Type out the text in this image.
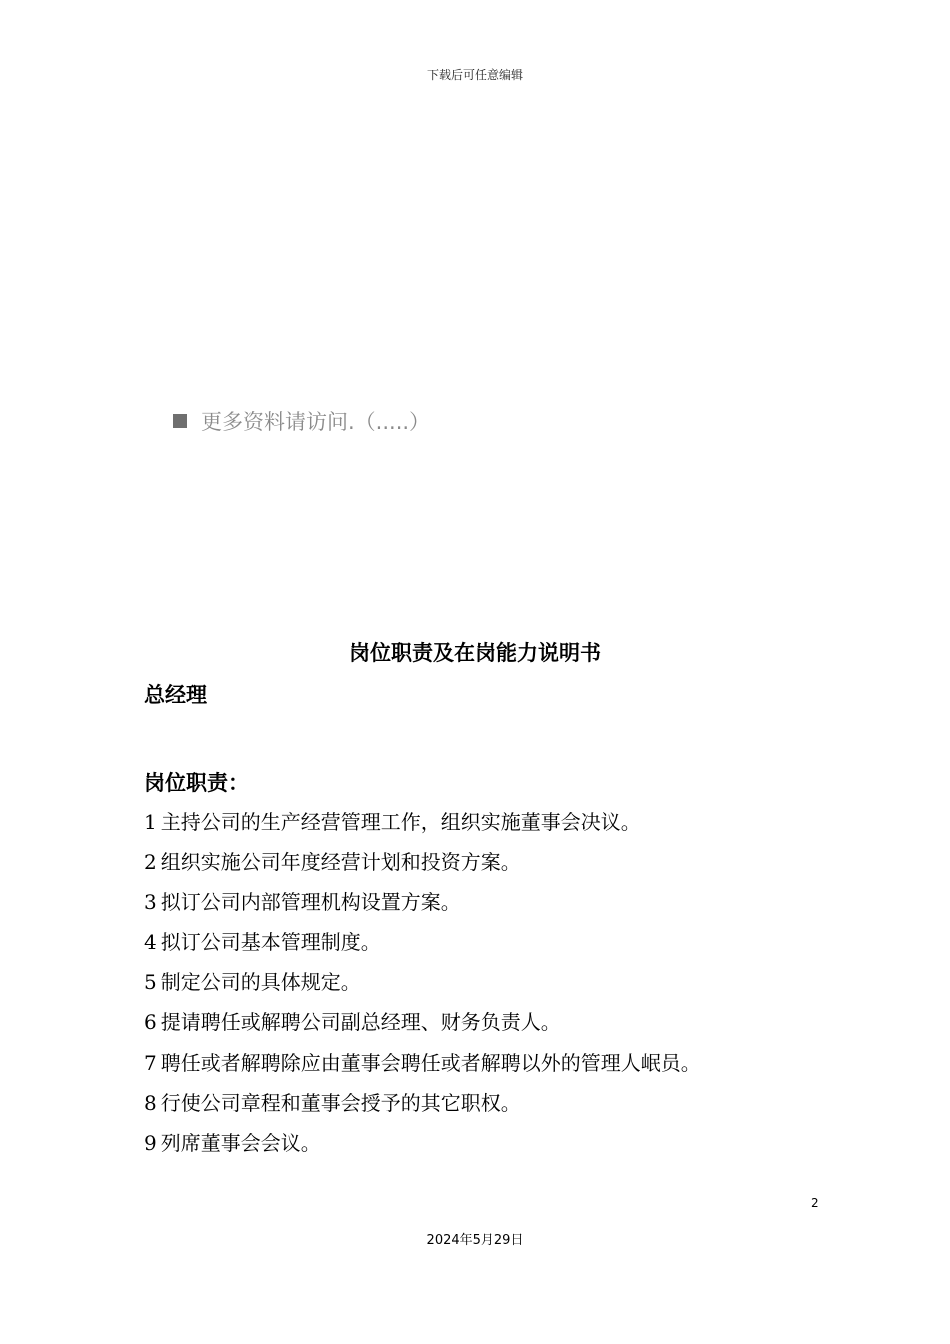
下载后可任意编辑
更多资料请访问.（.....）
岗位职责及在岗能力说明书
总经理
岗位职责：
1 主持公司的生产经营管理工作，组织实施董事会决议。
2 组织实施公司年度经营计划和投资方案。
3 拟订公司内部管理机构设置方案。
4 拟订公司基本管理制度。
5 制定公司的具体规定。
6 提请聘任或解聘公司副总经理、财务负责人。
7 聘任或者解聘除应由董事会聘任或者解聘以外的管理人岷员。
8 行使公司章程和董事会授予的其它职权。
9 列席董事会会议。
2
2024年5月29日
